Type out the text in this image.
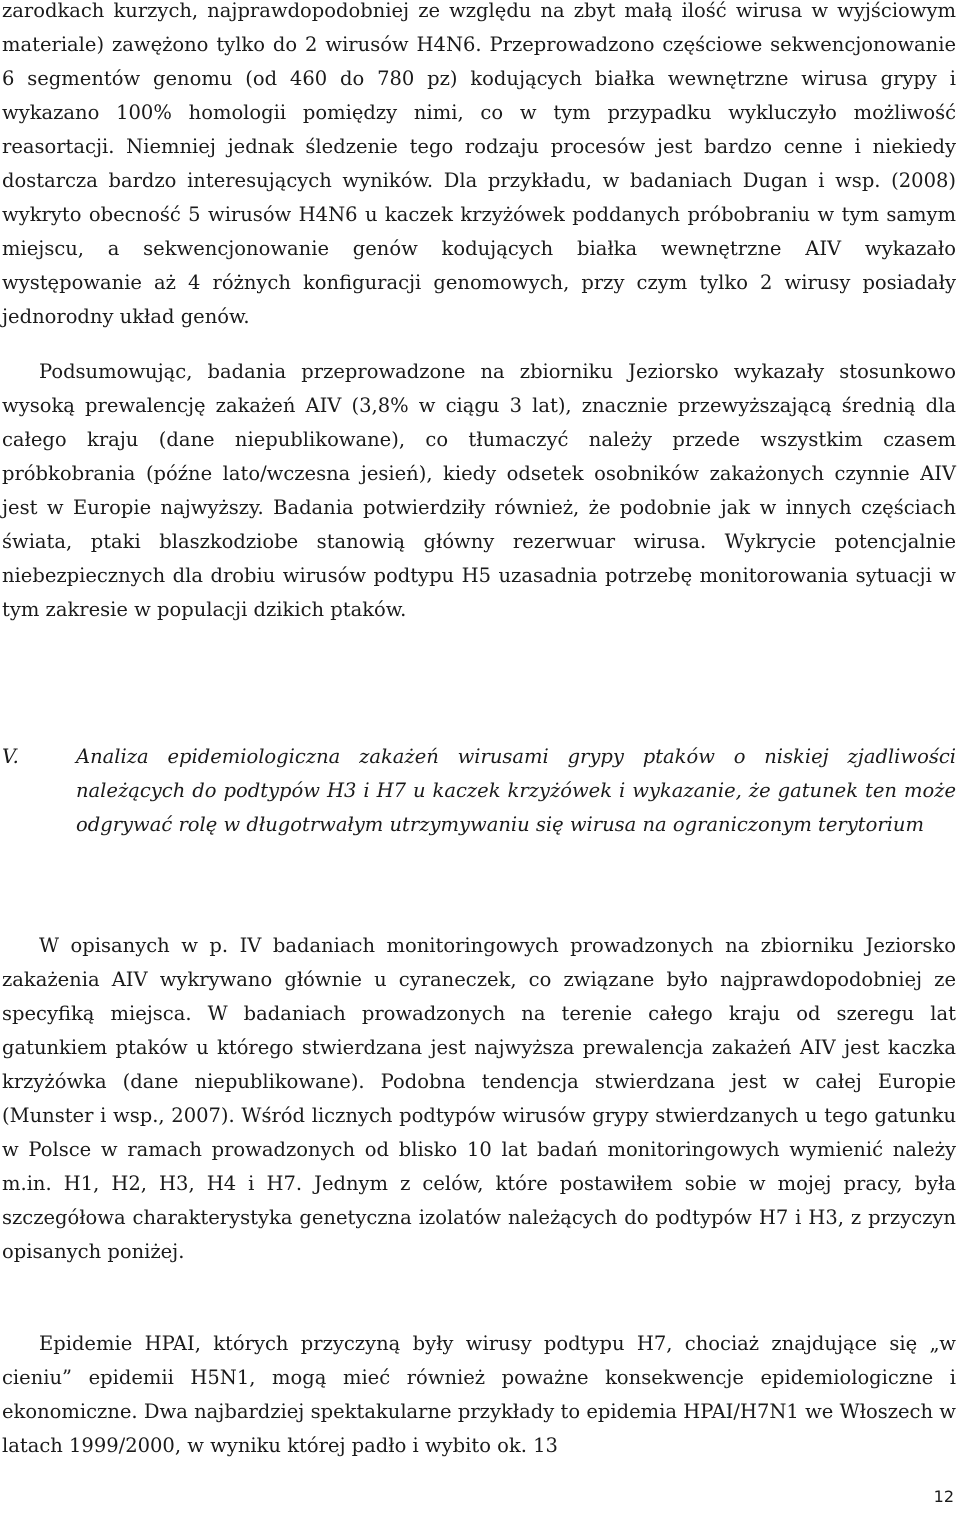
zarodkach kurzych, najprawdopodobniej ze względu na zbyt małą ilość wirusa w wyjściowym materiale) zawężono tylko do 2 wirusów H4N6. Przeprowadzono częściowe sekwencjonowanie 6 segmentów genomu (od 460 do 780 pz) kodujących białka wewnętrzne wirusa grypy i wykazano 100% homologii pomiędzy nimi, co w tym przypadku wykluczyło możliwość reasortacji. Niemniej jednak śledzenie tego rodzaju procesów jest bardzo cenne i niekiedy dostarcza bardzo interesujących wyników. Dla przykładu, w badaniach Dugan i wsp. (2008) wykryto obecność 5 wirusów H4N6 u kaczek krzyżówek poddanych próbobraniu w tym samym miejscu, a sekwencjonowanie genów kodujących białka wewnętrzne AIV wykazało występowanie aż 4 różnych konfiguracji genomowych, przy czym tylko 2 wirusy posiadały jednorodny układ genów.

Podsumowując, badania przeprowadzone na zbiorniku Jeziorsko wykazały stosunkowo wysoką prewalencję zakażeń AIV (3,8% w ciągu 3 lat), znacznie przewyższającą średnią dla całego kraju (dane niepublikowane), co tłumaczyć należy przede wszystkim czasem próbkobrania (późne lato/wczesna jesień), kiedy odsetek osobników zakażonych czynnie AIV jest w Europie najwyższy. Badania potwierdziły również, że podobnie jak w innych częściach świata, ptaki blaszkodziobe stanowią główny rezerwuar wirusa. Wykrycie potencjalnie niebezpiecznych dla drobiu wirusów podtypu H5 uzasadnia potrzebę monitorowania sytuacji w tym zakresie w populacji dzikich ptaków.

V.	Analiza epidemiologiczna zakażeń wirusami grypy ptaków o niskiej zjadliwości należących do podtypów H3 i H7 u kaczek krzyżówek i wykazanie, że gatunek ten może odgrywać rolę w długotrwałym utrzymywaniu się wirusa na ograniczonym terytorium

W opisanych w p. IV badaniach monitoringowych prowadzonych na zbiorniku Jeziorsko zakażenia AIV wykrywano głównie u cyraneczek, co związane było najprawdopodobniej ze specyfiką miejsca. W badaniach prowadzonych na terenie całego kraju od szeregu lat gatunkiem ptaków u którego stwierdzana jest najwyższa prewalencja zakażeń AIV jest kaczka krzyżówka (dane niepublikowane). Podobna tendencja stwierdzana jest w całej Europie (Munster i wsp., 2007). Wśród licznych podtypów wirusów grypy stwierdzanych u tego gatunku w Polsce w ramach prowadzonych od blisko 10 lat badań monitoringowych wymienić należy m.in. H1, H2, H3, H4 i H7. Jednym z celów, które postawiłem sobie w mojej pracy, była szczegółowa charakterystyka genetyczna izolatów należących do podtypów H7 i H3, z przyczyn opisanych poniżej.

Epidemie HPAI, których przyczyną były wirusy podtypu H7, chociaż znajdujące się „w cieniu” epidemii H5N1, mogą mieć również poważne konsekwencje epidemiologiczne i ekonomiczne. Dwa najbardziej spektakularne przykłady to epidemia HPAI/H7N1 we Włoszech w latach 1999/2000, w wyniku której padło i wybito ok. 13

12
